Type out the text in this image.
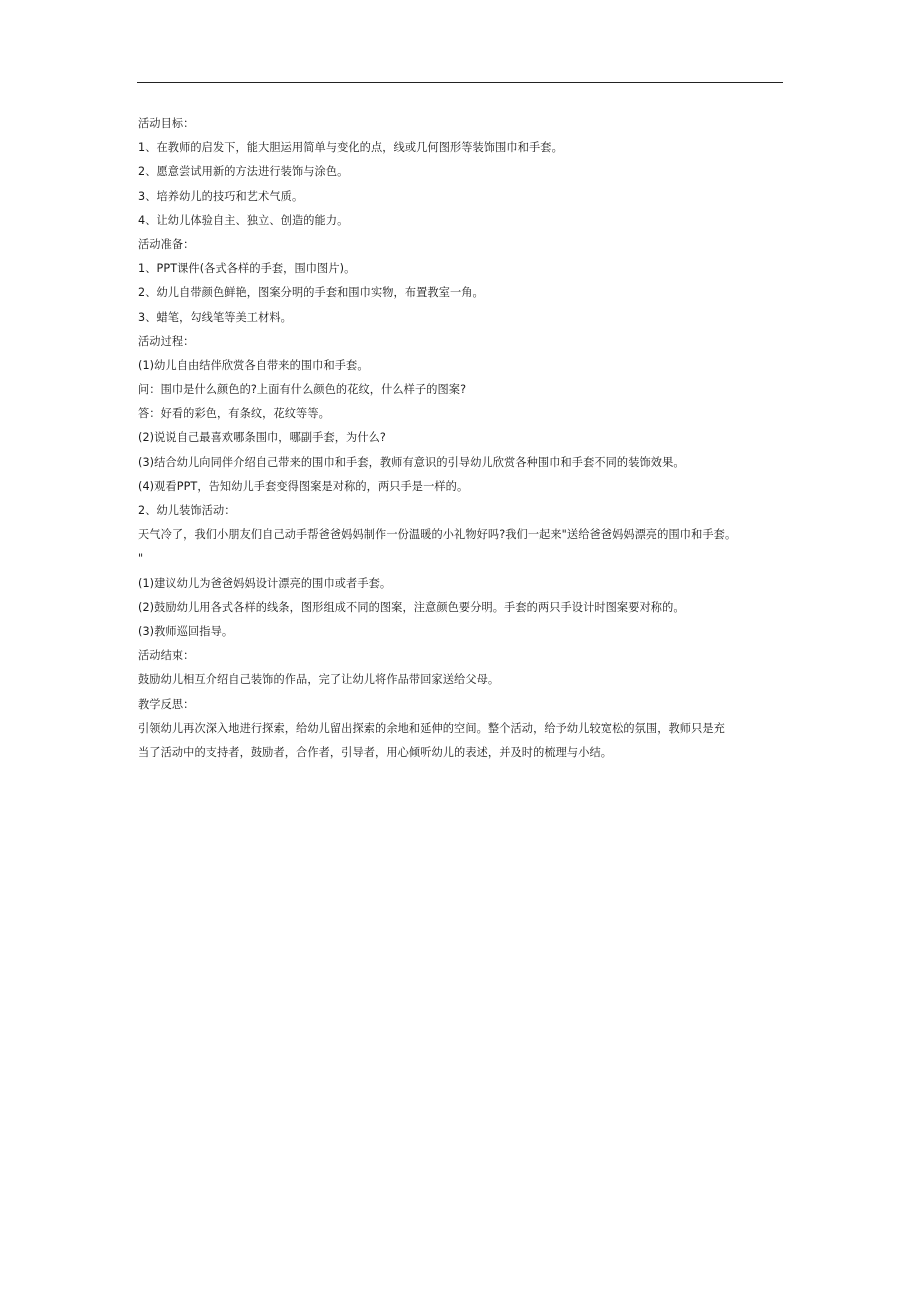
活动目标：
1、在教师的启发下，能大胆运用简单与变化的点，线或几何图形等装饰围巾和手套。
2、愿意尝试用新的方法进行装饰与涂色。
3、培养幼儿的技巧和艺术气质。
4、让幼儿体验自主、独立、创造的能力。
活动准备：
1、PPT课件(各式各样的手套，围巾图片)。
2、幼儿自带颜色鲜艳，图案分明的手套和围巾实物，布置教室一角。
3、蜡笔，勾线笔等美工材料。
活动过程：
(1)幼儿自由结伴欣赏各自带来的围巾和手套。
问：围巾是什么颜色的?上面有什么颜色的花纹，什么样子的图案?
答：好看的彩色，有条纹，花纹等等。
(2)说说自己最喜欢哪条围巾，哪副手套，为什么?
(3)结合幼儿向同伴介绍自己带来的围巾和手套，教师有意识的引导幼儿欣赏各种围巾和手套不同的装饰效果。
(4)观看PPT，告知幼儿手套变得图案是对称的，两只手是一样的。
2、幼儿装饰活动：
天气冷了，我们小朋友们自己动手帮爸爸妈妈制作一份温暖的小礼物好吗?我们一起来"送给爸爸妈妈漂亮的围巾和手套。
"
(1)建议幼儿为爸爸妈妈设计漂亮的围巾或者手套。
(2)鼓励幼儿用各式各样的线条，图形组成不同的图案，注意颜色要分明。手套的两只手设计时图案要对称的。
(3)教师巡回指导。
活动结束：
鼓励幼儿相互介绍自己装饰的作品，完了让幼儿将作品带回家送给父母。
教学反思：
引领幼儿再次深入地进行探索，给幼儿留出探索的余地和延伸的空间。整个活动，给予幼儿较宽松的氛围，教师只是充
当了活动中的支持者，鼓励者，合作者，引导者，用心倾听幼儿的表述，并及时的梳理与小结。
